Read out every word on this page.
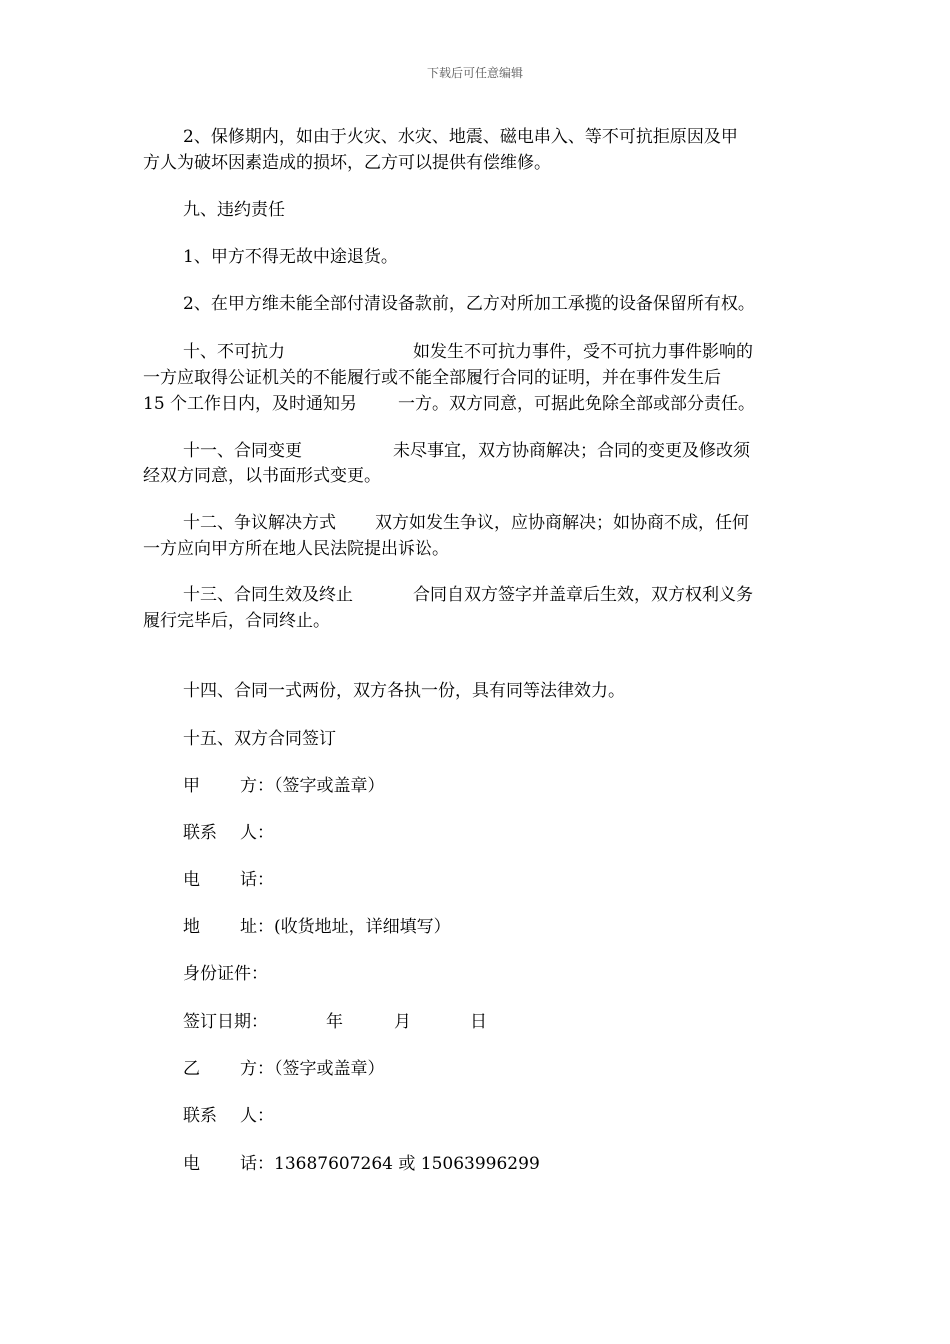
下载后可任意编辑
2、保修期内，如由于火灾、水灾、地震、磁电串入、等不可抗拒原因及甲
方人为破坏因素造成的损坏，乙方可以提供有偿维修。
九、违约责任
1、甲方不得无故中途退货。
2、在甲方维未能全部付清设备款前，乙方对所加工承揽的设备保留所有权。
十、不可抗力	如发生不可抗力事件，受不可抗力事件影响的
一方应取得公证机关的不能履行或不能全部履行合同的证明，并在事件发生后
15 个工作日内，及时通知另 一方。双方同意，可据此免除全部或部分责任。
十一、合同变更	未尽事宜，双方协商解决；合同的变更及修改须
经双方同意，以书面形式变更。
十二、争议解决方式 双方如发生争议，应协商解决；如协商不成，任何
一方应向甲方所在地人民法院提出诉讼。
十三、合同生效及终止	合同自双方签字并盖章后生效，双方权利义务
履行完毕后，合同终止。
十四、合同一式两份，双方各执一份，具有同等法律效力。
十五、双方合同签订
甲 方：（签字或盖章）
联系 人：
电 话：
地 址：(收货地址，详细填写）
身份证件：
签订日期：	年	月	日
乙 方：（签字或盖章）
联系 人：
电 话：13687607264 或 15063996299
